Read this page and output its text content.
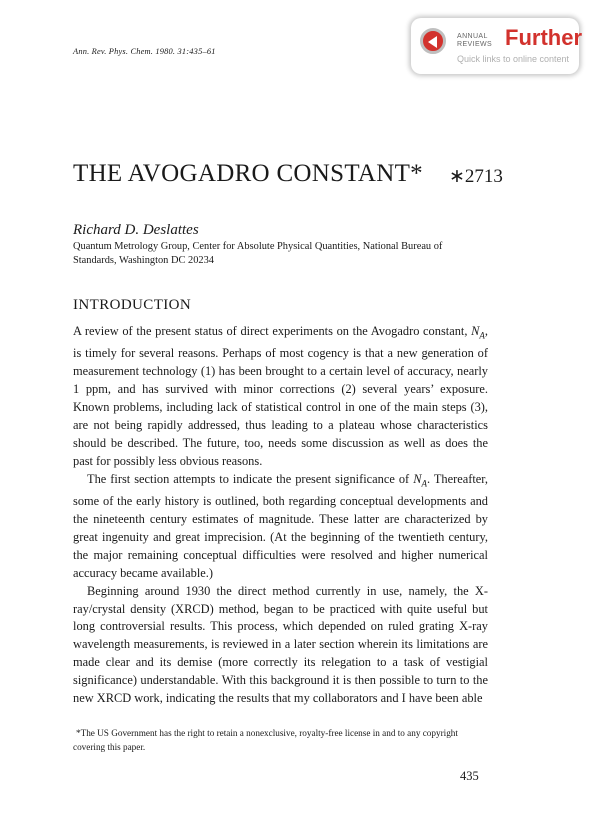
Ann. Rev. Phys. Chem. 1980. 31:435–61
ANNUAL
REVIEWS Further
Quick links to online content
THE AVOGADRO CONSTANT* ∗2713
Richard D. Deslattes
Quantum Metrology Group, Center for Absolute Physical Quantities, National Bureau of Standards, Washington DC 20234
INTRODUCTION

A review of the present status of direct experiments on the Avogadro constant, $N_A$, is timely for several reasons. Perhaps of most cogency is that a new generation of measurement technology (1) has been brought to a certain level of accuracy, nearly 1 ppm, and has survived with minor corrections (2) several years’ exposure. Known problems, including lack of statistical control in one of the main steps (3), are not being rapidly addressed, thus leading to a plateau whose characteristics should be described. The future, too, needs some discussion as well as does the past for possibly less obvious reasons.

The first section attempts to indicate the present significance of $N_A$. Thereafter, some of the early history is outlined, both regarding conceptual developments and the nineteenth century estimates of magnitude. These latter are characterized by great ingenuity and great imprecision. (At the beginning of the twentieth century, the major remaining conceptual difficulties were resolved and higher numerical accuracy became available.)

Beginning around 1930 the direct method currently in use, namely, the X-ray/crystal density (XRCD) method, began to be practiced with quite useful but long controversial results. This process, which depended on ruled grating X-ray wavelength measurements, is reviewed in a later section wherein its limitations are made clear and its demise (more correctly its relegation to a task of vestigial significance) understandable. With this background it is then possible to turn to the new XRCD work, indicating the results that my collaborators and I have been able

*The US Government has the right to retain a nonexclusive, royalty-free license in and to any copyright covering this paper.
435
